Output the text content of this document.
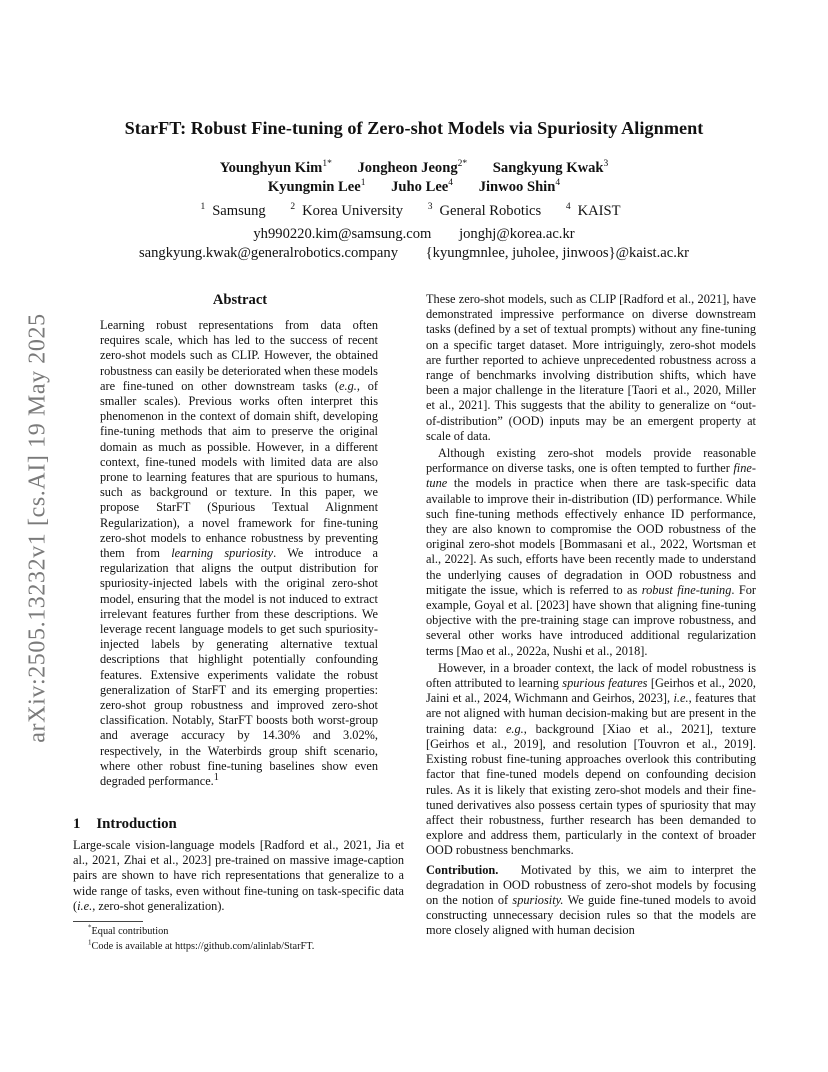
arXiv:2505.13232v1 [cs.AI] 19 May 2025
StarFT: Robust Fine-tuning of Zero-shot Models via Spuriosity Alignment
Younghyun Kim$^{1*}$ Jongheon Jeong$^{2*}$ Sangkyung Kwak$^3$
Kyungmin Lee$^1$ Juho Lee$^4$ Jinwoo Shin$^4$
$^1$ Samsung	$^2$ Korea University	$^3$ General Robotics	$^4$ KAIST
yh990220.kim@samsung.com jonghj@korea.ac.kr
sangkyung.kwak@generalrobotics.company {kyungmnlee, juholee, jinwoos}@kaist.ac.kr
Abstract

Learning robust representations from data often requires scale, which has led to the success of recent zero-shot models such as CLIP. However, the obtained robustness can easily be deteriorated when these models are fine-tuned on other downstream tasks (e.g., of smaller scales). Previous works often interpret this phenomenon in the context of domain shift, developing fine-tuning methods that aim to preserve the original domain as much as possible. However, in a different context, fine-tuned models with limited data are also prone to learning features that are spurious to humans, such as background or texture. In this paper, we propose StarFT (Spurious Textual Alignment Regularization), a novel framework for fine-tuning zero-shot models to enhance robustness by preventing them from learning spuriosity. We introduce a regularization that aligns the output distribution for spuriosity-injected labels with the original zero-shot model, ensuring that the model is not induced to extract irrelevant features further from these descriptions. We leverage recent language models to get such spuriosity-injected labels by generating alternative textual descriptions that highlight potentially confounding features. Extensive experiments validate the robust generalization of StarFT and its emerging properties: zero-shot group robustness and improved zero-shot classification. Notably, StarFT boosts both worst-group and average accuracy by 14.30% and 3.02%, respectively, in the Waterbirds group shift scenario, where other robust fine-tuning baselines show even degraded performance.$^1$

1 Introduction

Large-scale vision-language models [Radford et al., 2021, Jia et al., 2021, Zhai et al., 2023] pre-trained on massive image-caption pairs are shown to have rich representations that generalize to a wide range of tasks, even without fine-tuning on task-specific data (i.e., zero-shot generalization).

*Equal contribution
$^1$Code is available at https://github.com/alinlab/StarFT.

These zero-shot models, such as CLIP [Radford et al., 2021], have demonstrated impressive performance on diverse downstream tasks (defined by a set of textual prompts) without any fine-tuning on a specific target dataset. More intriguingly, zero-shot models are further reported to achieve unprecedented robustness across a range of benchmarks involving distribution shifts, which have been a major challenge in the literature [Taori et al., 2020, Miller et al., 2021]. This suggests that the ability to generalize on “out-of-distribution” (OOD) inputs may be an emergent property at scale of data.

Although existing zero-shot models provide reasonable performance on diverse tasks, one is often tempted to further fine-tune the models in practice when there are task-specific data available to improve their in-distribution (ID) performance. While such fine-tuning methods effectively enhance ID performance, they are also known to compromise the OOD robustness of the original zero-shot models [Bommasani et al., 2022, Wortsman et al., 2022]. As such, efforts have been recently made to understand the underlying causes of degradation in OOD robustness and mitigate the issue, which is referred to as robust fine-tuning. For example, Goyal et al. [2023] have shown that aligning fine-tuning objective with the pre-training stage can improve robustness, and several other works have introduced additional regularization terms [Mao et al., 2022a, Nushi et al., 2018].

However, in a broader context, the lack of model robustness is often attributed to learning spurious features [Geirhos et al., 2020, Jaini et al., 2024, Wichmann and Geirhos, 2023], i.e., features that are not aligned with human decision-making but are present in the training data: e.g., background [Xiao et al., 2021], texture [Geirhos et al., 2019], and resolution [Touvron et al., 2019]. Existing robust fine-tuning approaches overlook this contributing factor that fine-tuned models depend on confounding decision rules. As it is likely that existing zero-shot models and their fine-tuned derivatives also possess certain types of spuriosity that may affect their robustness, further research has been demanded to explore and address them, particularly in the context of broader OOD robustness benchmarks.

Contribution. Motivated by this, we aim to interpret the degradation in OOD robustness of zero-shot models by focusing on the notion of spuriosity. We guide fine-tuned models to avoid constructing unnecessary decision rules so that the models are more closely aligned with human decision
